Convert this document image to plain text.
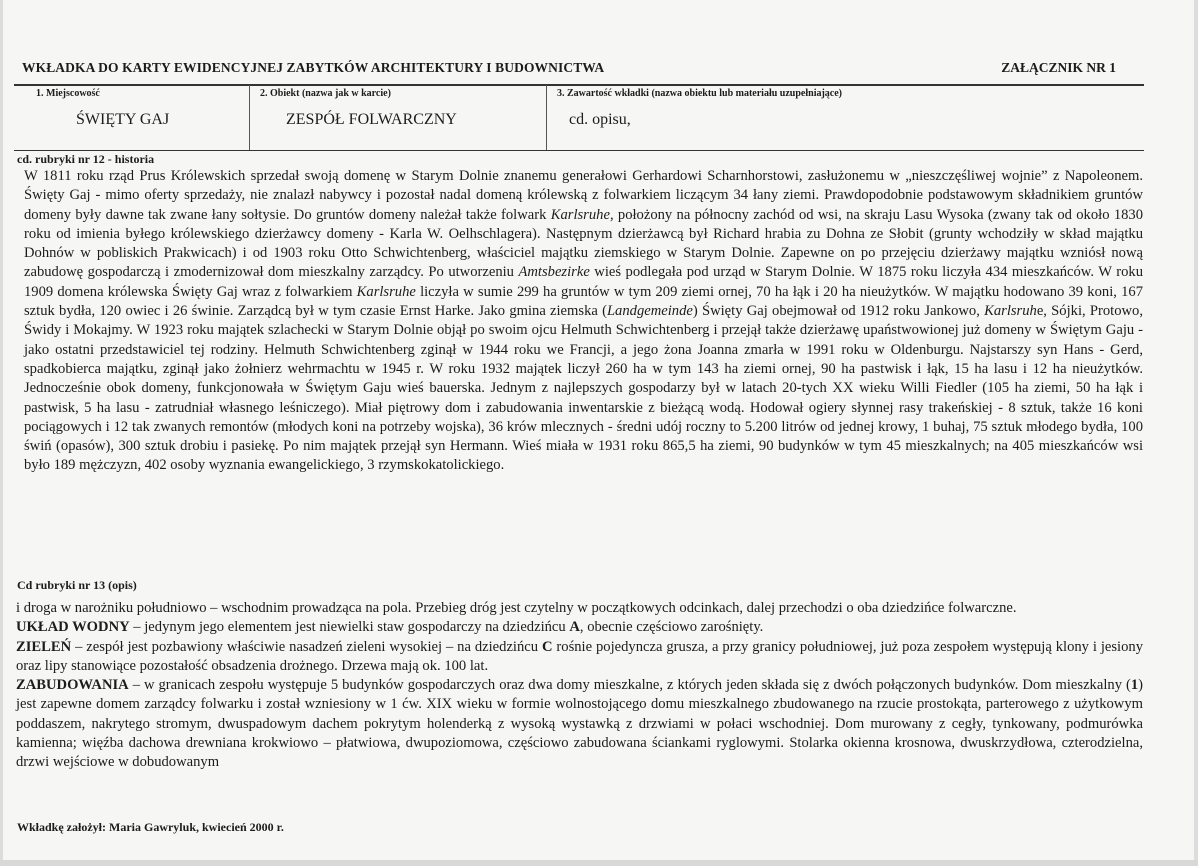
WKŁADKA DO KARTY EWIDENCYJNEJ ZABYTKÓW ARCHITEKTURY I BUDOWNICTWA	ZAŁĄCZNIK NR 1
1. Miejscowość
ŚWIĘTY GAJ
2. Obiekt (nazwa jak w karcie)
ZESPÓŁ FOLWARCZNY
3. Zawartość wkładki (nazwa obiektu lub materiału uzupełniające)
cd. opisu,
cd. rubryki nr 12 - historia

W 1811 roku rząd Prus Królewskich sprzedał swoją domenę w Starym Dolnie znanemu generałowi Gerhardowi Scharnhorstowi, zasłużonemu w „nieszczęśliwej wojnie” z Napoleonem. Święty Gaj - mimo oferty sprzedaży, nie znalazł nabywcy i pozostał nadal domeną królewską z folwarkiem liczącym 34 łany ziemi. Prawdopodobnie podstawowym składnikiem gruntów domeny były dawne tak zwane łany sołtysie. Do gruntów domeny należał także folwark Karlsruhe, położony na północny zachód od wsi, na skraju Lasu Wysoka (zwany tak od około 1830 roku od imienia byłego królewskiego dzierżawcy domeny - Karla W. Oelhschlagera). Następnym dzierżawcą był Richard hrabia zu Dohna ze Słobit (grunty wchodziły w skład majątku Dohnów w pobliskich Prakwicach) i od 1903 roku Otto Schwichtenberg, właściciel majątku ziemskiego w Starym Dolnie. Zapewne on po przejęciu dzierżawy majątku wzniósł nową zabudowę gospodarczą i zmodernizował dom mieszkalny zarządcy. Po utworzeniu Amtsbezirke wieś podlegała pod urząd w Starym Dolnie. W 1875 roku liczyła 434 mieszkańców. W roku 1909 domena królewska Święty Gaj wraz z folwarkiem Karlsruhe liczyła w sumie 299 ha gruntów w tym 209 ziemi ornej, 70 ha łąk i 20 ha nieużytków. W majątku hodowano 39 koni, 167 sztuk bydła, 120 owiec i 26 świnie. Zarządcą był w tym czasie Ernst Harke. Jako gmina ziemska (Landgemeinde) Święty Gaj obejmował od 1912 roku Jankowo, Karlsruhe, Sójki, Protowo, Świdy i Mokajmy. W 1923 roku majątek szlachecki w Starym Dolnie objął po swoim ojcu Helmuth Schwichtenberg i przejął także dzierżawę upaństwowionej już domeny w Świętym Gaju - jako ostatni przedstawiciel tej rodziny. Helmuth Schwichtenberg zginął w 1944 roku we Francji, a jego żona Joanna zmarła w 1991 roku w Oldenburgu. Najstarszy syn Hans - Gerd, spadkobierca majątku, zginął jako żołnierz wehrmachtu w 1945 r. W roku 1932 majątek liczył 260 ha w tym 143 ha ziemi ornej, 90 ha pastwisk i łąk, 15 ha lasu i 12 ha nieużytków. Jednocześnie obok domeny, funkcjonowała w Świętym Gaju wieś bauerska. Jednym z najlepszych gospodarzy był w latach 20-tych XX wieku Willi Fiedler (105 ha ziemi, 50 ha łąk i pastwisk, 5 ha lasu - zatrudniał własnego leśniczego). Miał piętrowy dom i zabudowania inwentarskie z bieżącą wodą. Hodował ogiery słynnej rasy trakeńskiej - 8 sztuk, także 16 koni pociągowych i 12 tak zwanych remontów (młodych koni na potrzeby wojska), 36 krów mlecznych - średni udój roczny to 5.200 litrów od jednej krowy, 1 buhaj, 75 sztuk młodego bydła, 100 świń (opasów), 300 sztuk drobiu i pasiekę. Po nim majątek przejął syn Hermann. Wieś miała w 1931 roku 865,5 ha ziemi, 90 budynków w tym 45 mieszkalnych; na 405 mieszkańców wsi było 189 mężczyzn, 402 osoby wyznania ewangelickiego, 3 rzymskokatolickiego.

Cd rubryki nr 13 (opis)
i droga w narożniku południowo – wschodnim prowadząca na pola. Przebieg dróg jest czytelny w początkowych odcinkach, dalej przechodzi o oba dziedzińce folwarczne.
UKŁAD WODNY – jedynym jego elementem jest niewielki staw gospodarczy na dziedzińcu A, obecnie częściowo zarośnięty.
ZIELEŃ – zespół jest pozbawiony właściwie nasadzeń zieleni wysokiej – na dziedzińcu C rośnie pojedyncza grusza, a przy granicy południowej, już poza zespołem występują klony i jesiony oraz lipy stanowiące pozostałość obsadzenia drożnego. Drzewa mają ok. 100 lat.
ZABUDOWANIA – w granicach zespołu występuje 5 budynków gospodarczych oraz dwa domy mieszkalne, z których jeden składa się z dwóch połączonych budynków. Dom mieszkalny (1) jest zapewne domem zarządcy folwarku i został wzniesiony w 1 ćw. XIX wieku w formie wolnostojącego domu mieszkalnego zbudowanego na rzucie prostokąta, parterowego z użytkowym poddaszem, nakrytego stromym, dwuspadowym dachem pokrytym holenderką z wysoką wystawką z drzwiami w połaci wschodniej. Dom murowany z cegły, tynkowany, podmurówka kamienna; więźba dachowa drewniana krokwiowo – płatwiowa, dwupoziomowa, częściowo zabudowana ściankami ryglowymi. Stolarka okienna krosnowa, dwuskrzydłowa, czterodzielna, drzwi wejściowe w dobudowanym
Wkładkę założył: Maria Gawryluk, kwiecień 2000 r.
